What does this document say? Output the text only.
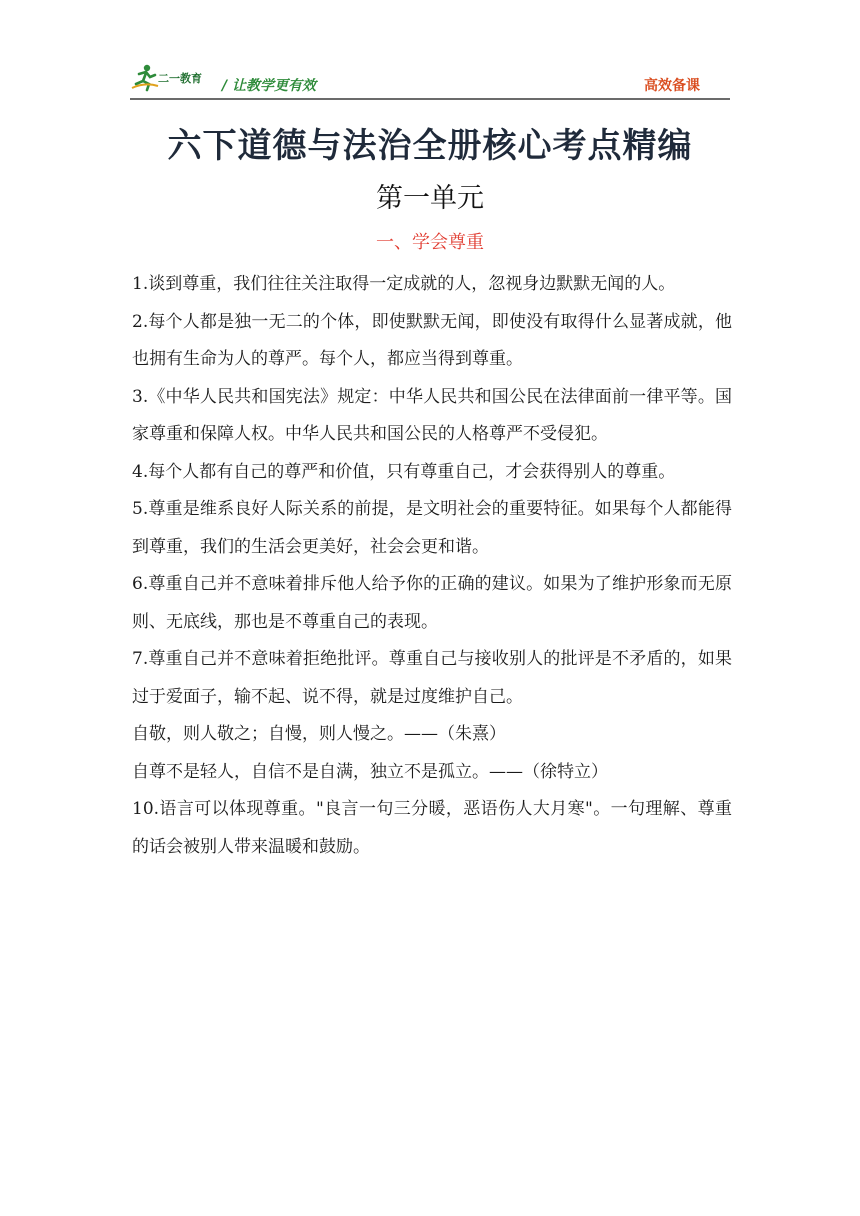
二一教育 / 让教学更有效	高效备课
六下道德与法治全册核心考点精编
第一单元
一、学会尊重

1.谈到尊重，我们往往关注取得一定成就的人，忽视身边默默无闻的人。

2.每个人都是独一无二的个体，即使默默无闻，即使没有取得什么显著成就，他也拥有生命为人的尊严。每个人，都应当得到尊重。

3.《中华人民共和国宪法》规定：中华人民共和国公民在法律面前一律平等。国家尊重和保障人权。中华人民共和国公民的人格尊严不受侵犯。

4.每个人都有自己的尊严和价值，只有尊重自己，才会获得别人的尊重。

5.尊重是维系良好人际关系的前提，是文明社会的重要特征。如果每个人都能得到尊重，我们的生活会更美好，社会会更和谐。

6.尊重自己并不意味着排斥他人给予你的正确的建议。如果为了维护形象而无原则、无底线，那也是不尊重自己的表现。

7.尊重自己并不意味着拒绝批评。尊重自己与接收别人的批评是不矛盾的，如果过于爱面子，输不起、说不得，就是过度维护自己。

自敬，则人敬之；自慢，则人慢之。——（朱熹）

自尊不是轻人，自信不是自满，独立不是孤立。——（徐特立）

10.语言可以体现尊重。"良言一句三分暖，恶语伤人大月寒"。一句理解、尊重的话会被别人带来温暖和鼓励。
